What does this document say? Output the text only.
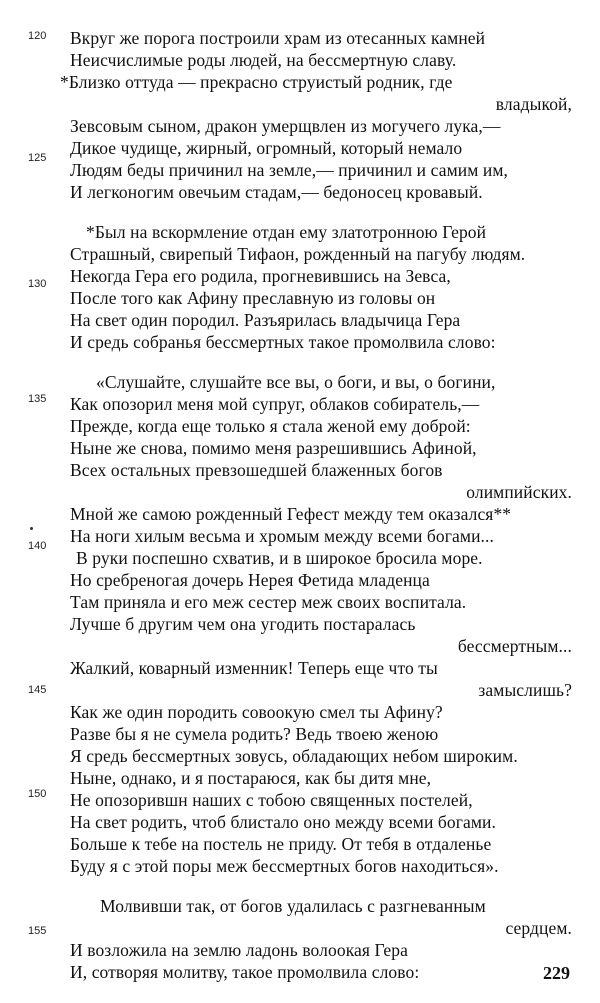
120
125
130
135
140
145
150
155
Вкруг же порога построили храм из отесанных камней
Неисчислимые роды людей, на бессмертную славу.
*Близко оттуда — прекрасно струистый родник, где
владыкой,
Зевсовым сыном, дракон умерщвлен из могучего лука,—
Дикое чудище, жирный, огромный, который немало
Людям беды причинил на земле,— причинил и самим им,
И легконогим овечьим стадам,— бедоносец кровавый.
*Был на вскормление отдан ему златотронною Герой
Страшный, свирепый Тифаон, рожденный на пагубу людям.
Некогда Гера его родила, прогневившись на Зевса,
После того как Афину преславную из головы он
На свет один породил. Разъярилась владычица Гера
И средь собранья бессмертных такое промолвила слово:
«Слушайте, слушайте все вы, о боги, и вы, о богини,
Как опозорил меня мой супруг, облаков собиратель,—
Прежде, когда еще только я стала женой ему доброй:
Ныне же снова, помимо меня разрешившись Афиной,
Всех остальных превзошедшей блаженных богов
олимпийских.
Мной же самою рожденный Гефест между тем оказался**
На ноги хилым весьма и хромым между всеми богами...
В руки поспешно схватив, и в широкое бросила море.
Но сребреногая дочерь Нерея Фетида младенца
Там приняла и его меж сестер меж своих воспитала.
Лучше б другим чем она угодить постаралась
бессмертным...
Жалкий, коварный изменник! Теперь еще что ты
замыслишь?
Как же один породить совоокую смел ты Афину?
Разве бы я не сумела родить? Ведь твоею женою
Я средь бессмертных зовусь, обладающих небом широким.
Ныне, однако, и я постараюся, как бы дитя мне,
Не опозорившн наших с тобою священных постелей,
На свет родить, чтоб блистало оно между всеми богами.
Больше к тебе на постель не приду. От тебя в отдаленье
Буду я с этой поры меж бессмертных богов находиться».
Молвивши так, от богов удалилась с разгневанным
сердцем.
И возложила на землю ладонь волоокая Гера
И, сотворяя молитву, такое промолвила слово:	229
